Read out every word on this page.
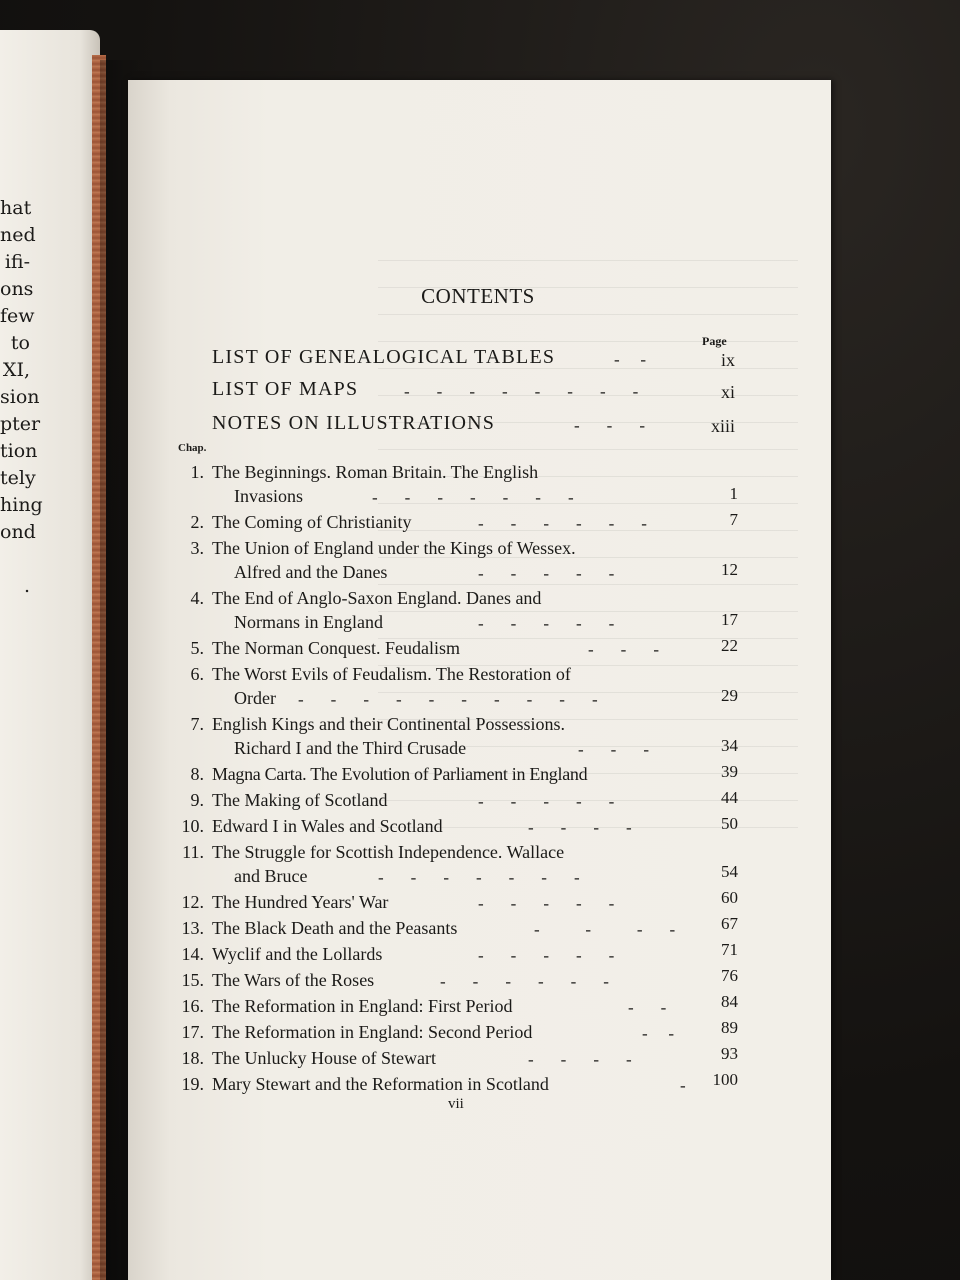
hat
ned
ifi-
ons
few
to
XI,
sion
pter
tion
tely
hing
ond

.
CONTENTS
Page
LIST OF GENEALOGICAL TABLES	-   -	ix
LIST OF MAPS	-    -    -    -    -    -    -    -	xi
NOTES ON ILLUSTRATIONS	-    -    -	xiii
Chap.
1. The Beginnings. Roman Britain. The English
Invasions	-    -    -    -    -    -    -	1
2. The Coming of Christianity	-    -    -    -    -    -	7
3. The Union of England under the Kings of Wessex.
Alfred and the Danes	-    -    -    -    -	12
4. The End of Anglo-Saxon England. Danes and
Normans in England	-    -    -    -    -	17
5. The Norman Conquest. Feudalism	-    -    -	22
6. The Worst Evils of Feudalism. The Restoration of
Order -    -    -    -    -    -    -    -    -    -	29
7. English Kings and their Continental Possessions.
Richard I and the Third Crusade	-    -    -	34
8. Magna Carta. The Evolution of Parliament in England	39
9. The Making of Scotland	-    -    -    -    -	44
10. Edward I in Wales and Scotland	-    -    -    -	50
11. The Struggle for Scottish Independence. Wallace
and Bruce	-    -    -    -    -    -    -	54
12. The Hundred Years' War	-    -    -    -    -	60
13. The Black Death and the Peasants	-       -       -    -	67
14. Wyclif and the Lollards	-    -    -    -    -	71
15. The Wars of the Roses	-    -    -    -    -    -	76
16. The Reformation in England: First Period	-    -	84
17. The Reformation in England: Second Period	-   -	89
18. The Unlucky House of Stewart	-    -    -    -	93
19. Mary Stewart and the Reformation in Scotland	-	100
vii
